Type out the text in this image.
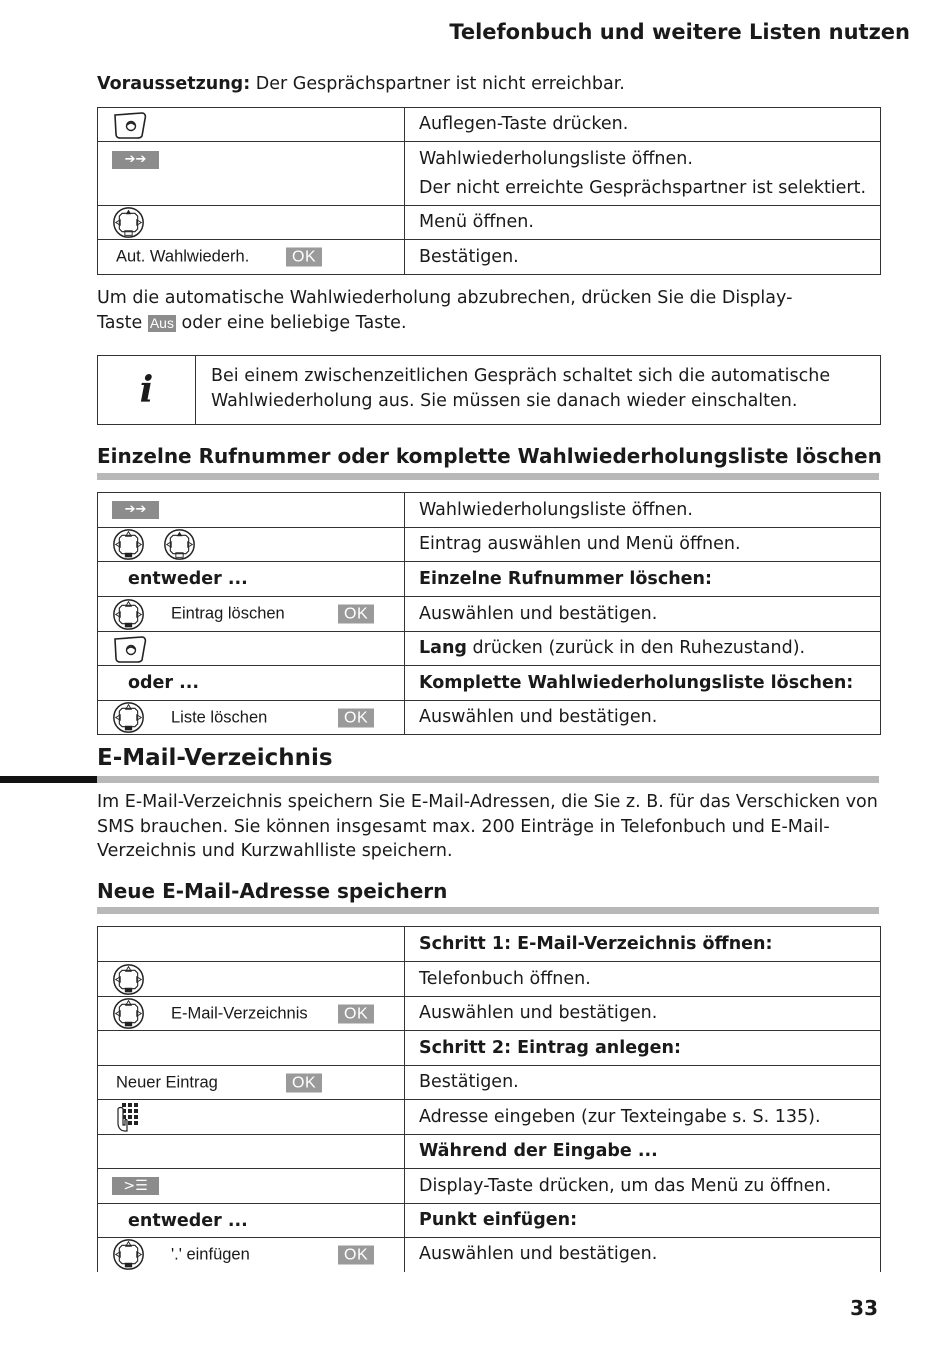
Telefonbuch und weitere Listen nutzen
Voraussetzung: Der Gesprächspartner ist nicht erreichbar.
	Auflegen-Taste drücken.
➔➔	Wahlwiederholungsliste öffnen.
Der nicht erreichte Gesprächspartner ist selektiert.

	Menü öffnen.

Aut. Wahlwiederh. OK	Bestätigen.
Um die automatische Wahlwiederholung abzubrechen, drücken Sie die Display-
Taste Aus oder eine beliebige Taste.
i	Bei einem zwischenzeitlichen Gespräch schaltet sich die automatische Wahlwiederholung aus. Sie müssen sie danach wieder einschalten.
Einzelne Rufnummer oder komplette Wahlwiederholungsliste löschen
➔➔	Wahlwiederholungsliste öffnen.
	Eintrag auswählen und Menü öffnen.
entweder ...	Einzelne Rufnummer löschen:

Eintrag löschen OK	Auswählen und bestätigen.
	Lang drücken (zurück in den Ruhezustand).
oder ...	Komplette Wahlwiederholungsliste löschen:

Liste löschen OK	Auswählen und bestätigen.
E-Mail-Verzeichnis
Im E-Mail-Verzeichnis speichern Sie E-Mail-Adressen, die Sie z. B. für das Verschicken von SMS brauchen. Sie können insgesamt max. 200 Einträge in Telefonbuch und E-Mail-Verzeichnis und Kurzwahlliste speichern.
Neue E-Mail-Adresse speichern
	Schritt 1: E-Mail-Verzeichnis öffnen:
	Telefonbuch öffnen.

E-Mail-Verzeichnis OK	Auswählen und bestätigen.
	Schritt 2: Eintrag anlegen:

Neuer Eintrag OK	Bestätigen.
	Adresse eingeben (zur Texteingabe s. S. 135).
	Während der Eingabe ...
>☰	Display-Taste drücken, um das Menü zu öffnen.
entweder ...	Punkt einfügen:

'.' einfügen OK	Auswählen und bestätigen.
33
